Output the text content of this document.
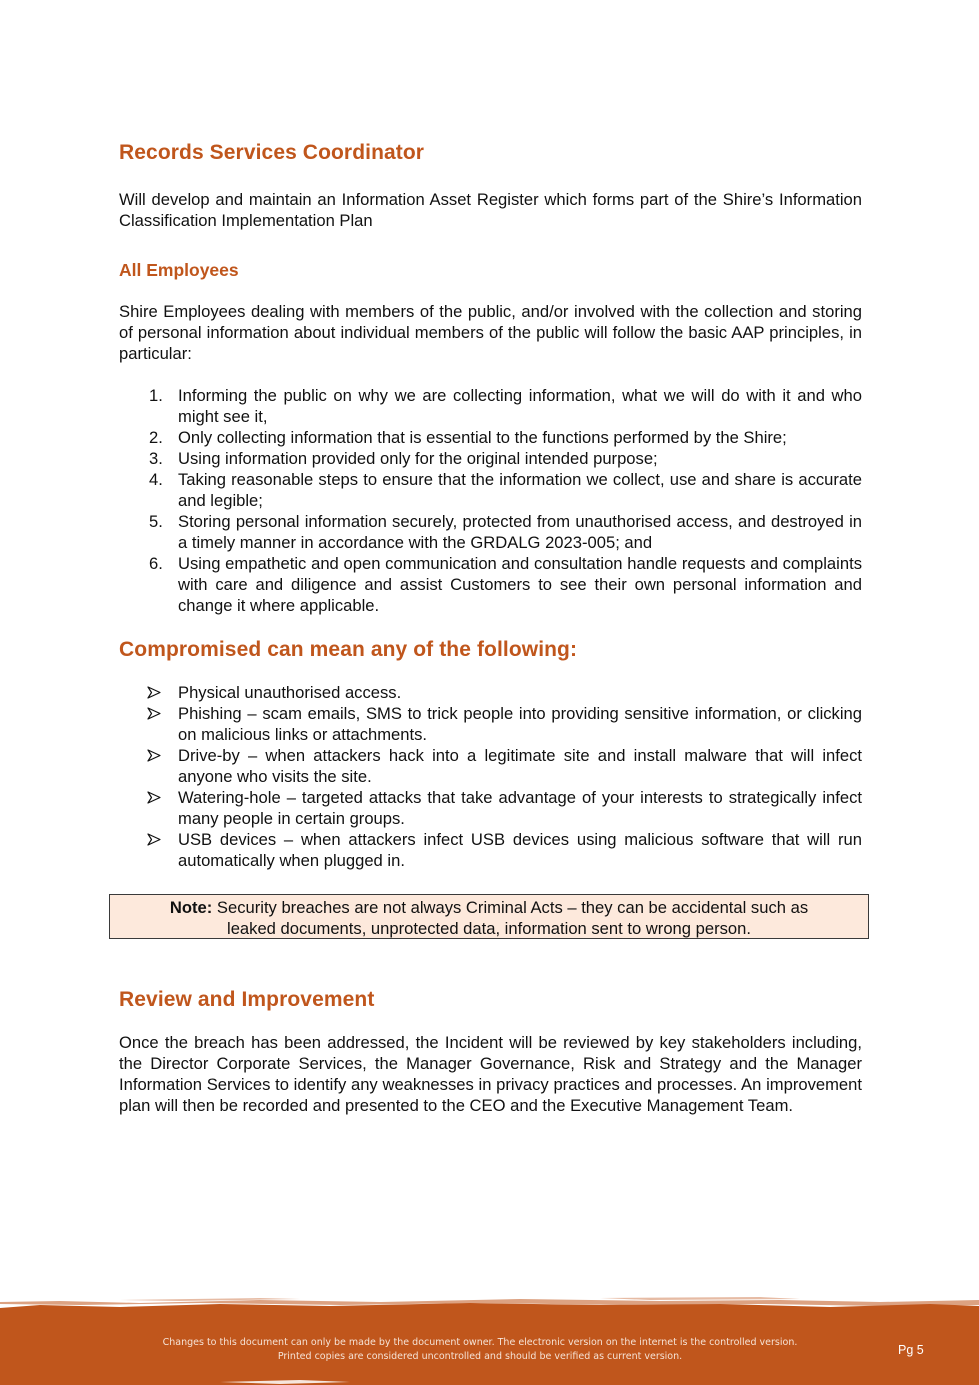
Records Services Coordinator

Will develop and maintain an Information Asset Register which forms part of the Shire’s Information Classification Implementation Plan

All Employees

Shire Employees dealing with members of the public, and/or involved with the collection and storing of personal information about individual members of the public will follow the basic AAP principles, in particular:

1. Informing the public on why we are collecting information, what we will do with it and who might see it,
2. Only collecting information that is essential to the functions performed by the Shire;
3. Using information provided only for the original intended purpose;
4. Taking reasonable steps to ensure that the information we collect, use and share is accurate and legible;
5. Storing personal information securely, protected from unauthorised access, and destroyed in a timely manner in accordance with the GRDALG 2023-005; and
6. Using empathetic and open communication and consultation handle requests and complaints with care and diligence and assist Customers to see their own personal information and change it where applicable.
Compromised can mean any of the following:
Physical unauthorised access.
Phishing – scam emails, SMS to trick people into providing sensitive information, or clicking on malicious links or attachments.
Drive-by – when attackers hack into a legitimate site and install malware that will infect anyone who visits the site.
Watering-hole – targeted attacks that take advantage of your interests to strategically infect many people in certain groups.
USB devices – when attackers infect USB devices using malicious software that will run automatically when plugged in.
Note: Security breaches are not always Criminal Acts – they can be accidental such as
leaked documents, unprotected data, information sent to wrong person.
Review and Improvement

Once the breach has been addressed, the Incident will be reviewed by key stakeholders including, the Director Corporate Services, the Manager Governance, Risk and Strategy and the Manager Information Services to identify any weaknesses in privacy practices and processes. An improvement plan will then be recorded and presented to the CEO and the Executive Management Team.

Changes to this document can only be made by the document owner. The electronic version on the internet is the controlled version.
Printed copies are considered uncontrolled and should be verified as current version.	Pg 5
